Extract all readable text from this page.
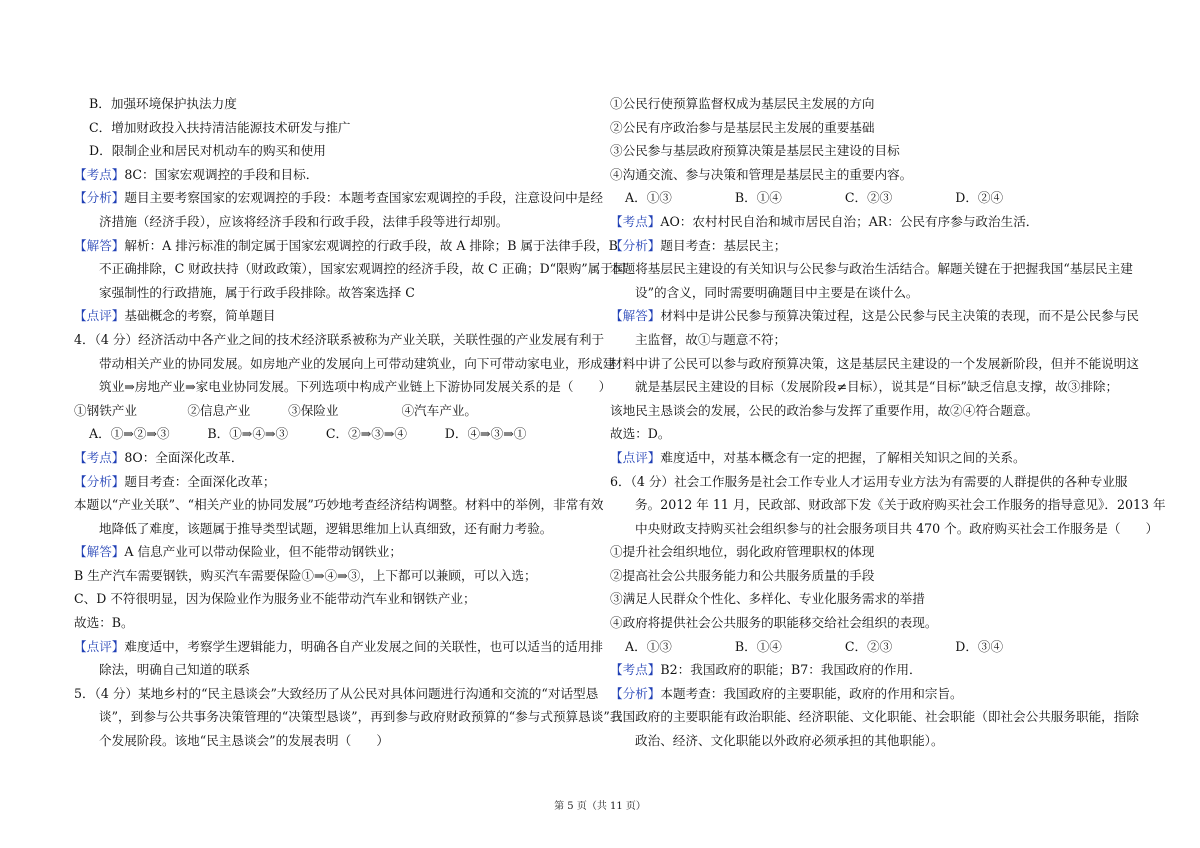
B．加强环境保护执法力度
C．增加财政投入扶持清洁能源技术研发与推广
D．限制企业和居民对机动车的购买和使用
【考点】8C：国家宏观调控的手段和目标．
【分析】题目主要考察国家的宏观调控的手段：本题考查国家宏观调控的手段，注意设问中是经
济措施（经济手段），应该将经济手段和行政手段，法律手段等进行却别。
【解答】解析：A 排污标准的制定属于国家宏观调控的行政手段，故 A 排除；B 属于法律手段，B
不正确排除，C 财政扶持（财政政策），国家宏观调控的经济手段，故 C 正确；D“限购”属于国
家强制性的行政措施，属于行政手段排除。故答案选择 C
【点评】基础概念的考察，简单题目
4．（4 分）经济活动中各产业之间的技术经济联系被称为产业关联，关联性强的产业发展有利于
带动相关产业的协同发展。如房地产业的发展向上可带动建筑业，向下可带动家电业，形成建
筑业⇒房地产业⇒家电业协同发展。下列选项中构成产业链上下游协同发展关系的是（　　）
①钢铁产业　　　　②信息产业　　　③保险业　　　　　④汽车产业。
A．①⇒②⇒③　　　B．①⇒④⇒③　　　C．②⇒③⇒④　　　D．④⇒③⇒①
【考点】8O：全面深化改革．
【分析】题目考查：全面深化改革；
本题以“产业关联”、“相关产业的协同发展”巧妙地考查经济结构调整。材料中的举例，非常有效
地降低了难度，该题属于推导类型试题，逻辑思维加上认真细致，还有耐力考验。
【解答】A 信息产业可以带动保险业，但不能带动钢铁业；
B 生产汽车需要钢铁，购买汽车需要保险①⇒④⇒③，上下都可以兼顾，可以入选；
C、D 不符很明显，因为保险业作为服务业不能带动汽车业和钢铁产业；
故选：B。
【点评】难度适中，考察学生逻辑能力，明确各自产业发展之间的关联性，也可以适当的适用排
除法，明确自己知道的联系
5．（4 分）某地乡村的“民主恳谈会”大致经历了从公民对具体问题进行沟通和交流的“对话型恳
谈”，到参与公共事务决策管理的“决策型恳谈”，再到参与政府财政预算的“参与式预算恳谈”三
个发展阶段。该地“民主恳谈会”的发展表明（　　）
①公民行使预算监督权成为基层民主发展的方向
②公民有序政治参与是基层民主发展的重要基础
③公民参与基层政府预算决策是基层民主建设的目标
④沟通交流、参与决策和管理是基层民主的重要内容。
A．①③　　　　　B．①④　　　　　C．②③　　　　　D．②④
【考点】AO：农村村民自治和城市居民自治；AR：公民有序参与政治生活．
【分析】题目考查：基层民主；
本题将基层民主建设的有关知识与公民参与政治生活结合。解题关键在于把握我国“基层民主建
设”的含义，同时需要明确题目中主要是在谈什么。
【解答】材料中是讲公民参与预算决策过程，这是公民参与民主决策的表现，而不是公民参与民
主监督，故①与题意不符；
材料中讲了公民可以参与政府预算决策，这是基层民主建设的一个发展新阶段，但并不能说明这
就是基层民主建设的目标（发展阶段≠目标），说其是“目标”缺乏信息支撑，故③排除；
该地民主恳谈会的发展，公民的政治参与发挥了重要作用，故②④符合题意。
故选：D。
【点评】难度适中，对基本概念有一定的把握，了解相关知识之间的关系。
6．（4 分）社会工作服务是社会工作专业人才运用专业方法为有需要的人群提供的各种专业服
务。2012 年 11 月，民政部、财政部下发《关于政府购买社会工作服务的指导意见》．2013 年
中央财政支持购买社会组织参与的社会服务项目共 470 个。政府购买社会工作服务是（　　）
①提升社会组织地位，弱化政府管理职权的体现
②提高社会公共服务能力和公共服务质量的手段
③满足人民群众个性化、多样化、专业化服务需求的举措
④政府将提供社会公共服务的职能移交给社会组织的表现。
A．①③　　　　　B．①④　　　　　C．②③　　　　　D．③④
【考点】B2：我国政府的职能；B7：我国政府的作用．
【分析】本题考查：我国政府的主要职能，政府的作用和宗旨。
我国政府的主要职能有政治职能、经济职能、文化职能、社会职能（即社会公共服务职能，指除
政治、经济、文化职能以外政府必须承担的其他职能）。
第 5 页（共 11 页）
